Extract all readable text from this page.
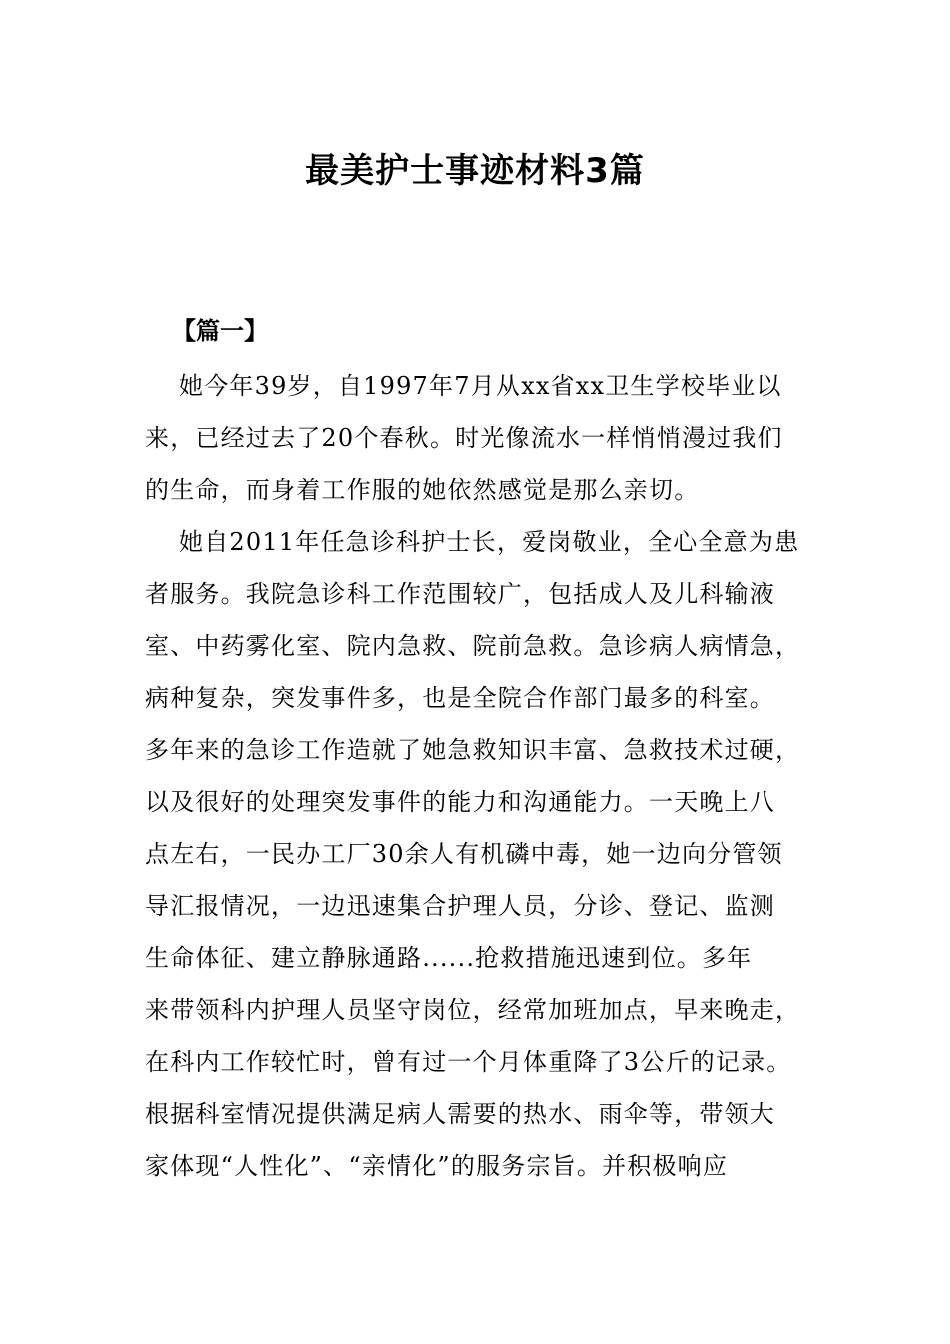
最美护士事迹材料3篇
【篇一】
她今年39岁，自1997年7月从xx省xx卫生学校毕业以
来，已经过去了20个春秋。时光像流水一样悄悄漫过我们
的生命，而身着工作服的她依然感觉是那么亲切。
她自2011年任急诊科护士长，爱岗敬业，全心全意为患
者服务。我院急诊科工作范围较广，包括成人及儿科输液
室、中药雾化室、院内急救、院前急救。急诊病人病情急，
病种复杂，突发事件多，也是全院合作部门最多的科室。
多年来的急诊工作造就了她急救知识丰富、急救技术过硬，
以及很好的处理突发事件的能力和沟通能力。一天晚上八
点左右，一民办工厂30余人有机磷中毒，她一边向分管领
导汇报情况，一边迅速集合护理人员，分诊、登记、监测
生命体征、建立静脉通路......抢救措施迅速到位。多年
来带领科内护理人员坚守岗位，经常加班加点，早来晚走，
在科内工作较忙时，曾有过一个月体重降了3公斤的记录。
根据科室情况提供满足病人需要的热水、雨伞等，带领大
家体现“人性化”、“亲情化”的服务宗旨。并积极响应
